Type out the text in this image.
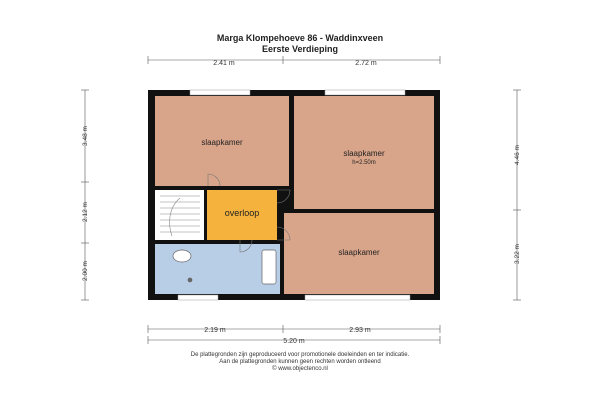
Marga Klompehoeve 86 - Waddinxveen
Eerste Verdieping
2.41 m	2.72 m
3.48 m
2.12 m
2.00 m
4.46 m
3.22 m
slaapkamer
slaapkamer
h=2.50m
overloop
slaapkamer
2.19 m	2.93 m
5.20 m
De plattegronden zijn geproduceerd voor promotionele doeleinden en ter indicatie.
Aan de plattegronden kunnen geen rechten worden ontleend
© www.objectenco.nl
